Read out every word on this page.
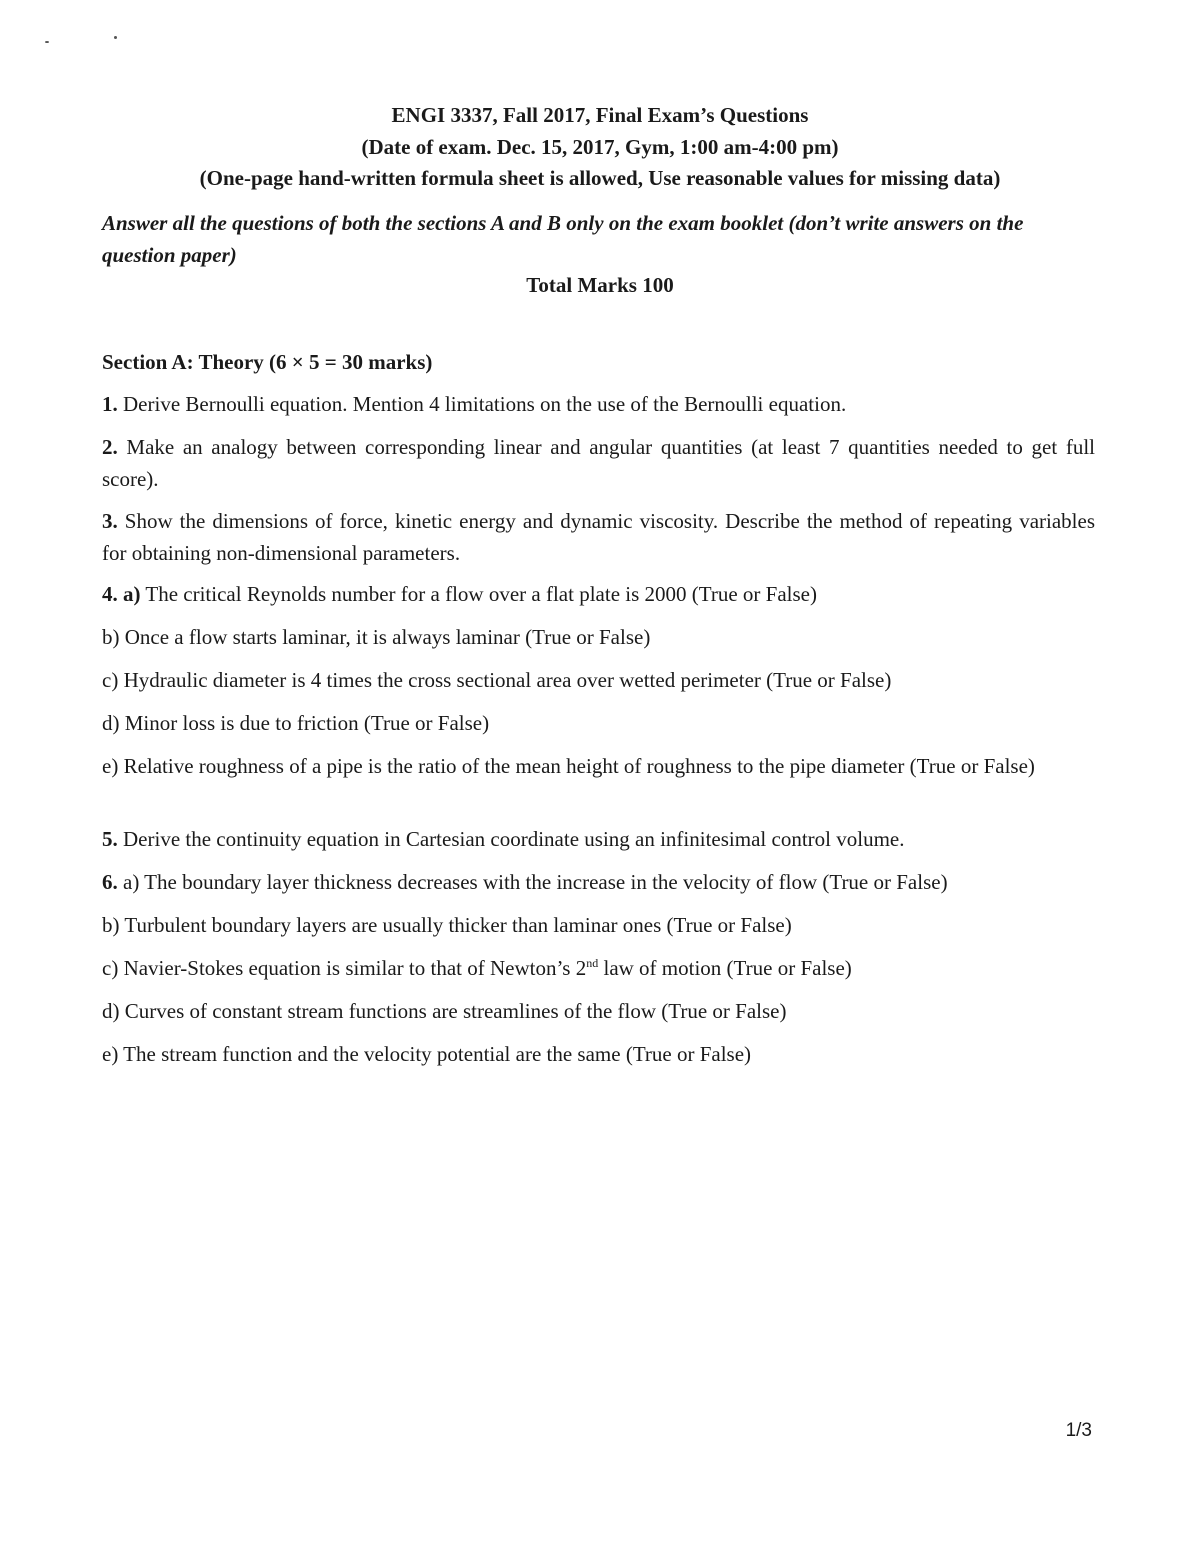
ENGI 3337, Fall 2017, Final Exam’s Questions
(Date of exam. Dec. 15, 2017, Gym, 1:00 am-4:00 pm)
(One-page hand-written formula sheet is allowed, Use reasonable values for missing data)
Answer all the questions of both the sections A and B only on the exam booklet (don’t write answers on the question paper)
Total Marks 100
Section A: Theory (6 × 5 = 30 marks)
1. Derive Bernoulli equation. Mention 4 limitations on the use of the Bernoulli equation.
2. Make an analogy between corresponding linear and angular quantities (at least 7 quantities needed to get full score).
3. Show the dimensions of force, kinetic energy and dynamic viscosity. Describe the method of repeating variables for obtaining non-dimensional parameters.
4. a) The critical Reynolds number for a flow over a flat plate is 2000 (True or False)
b) Once a flow starts laminar, it is always laminar (True or False)
c) Hydraulic diameter is 4 times the cross sectional area over wetted perimeter (True or False)
d) Minor loss is due to friction (True or False)
e) Relative roughness of a pipe is the ratio of the mean height of roughness to the pipe diameter (True or False)
5. Derive the continuity equation in Cartesian coordinate using an infinitesimal control volume.
6. a) The boundary layer thickness decreases with the increase in the velocity of flow (True or False)
b) Turbulent boundary layers are usually thicker than laminar ones (True or False)
c) Navier-Stokes equation is similar to that of Newton’s 2nd law of motion (True or False)
d) Curves of constant stream functions are streamlines of the flow (True or False)
e) The stream function and the velocity potential are the same (True or False)
1/3
